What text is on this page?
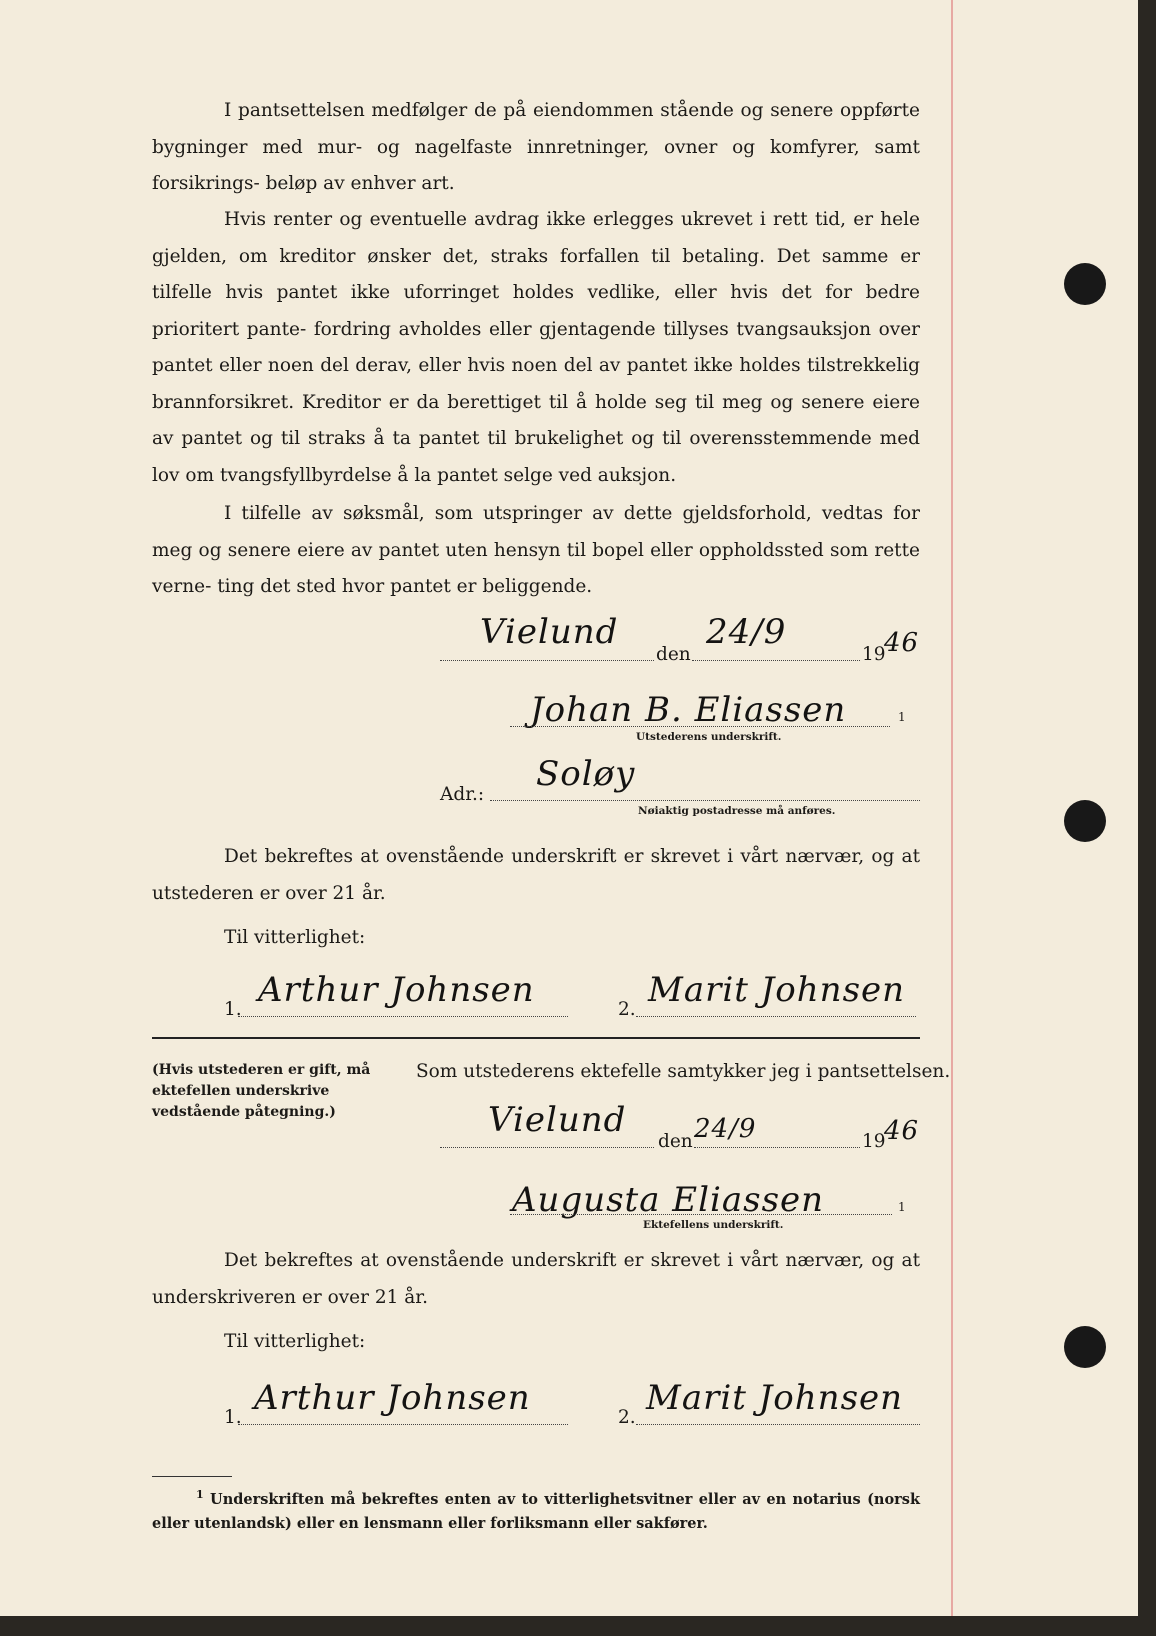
I pantsettelsen medfølger de på eiendommen stående og senere oppførte bygninger med mur- og nagelfaste innretninger, ovner og komfyrer, samt forsikrings- beløp av enhver art.

Hvis renter og eventuelle avdrag ikke erlegges ukrevet i rett tid, er hele gjelden, om kreditor ønsker det, straks forfallen til betaling. Det samme er tilfelle hvis pantet ikke uforringet holdes vedlike, eller hvis det for bedre prioritert pante- fordring avholdes eller gjentagende tillyses tvangsauksjon over pantet eller noen del derav, eller hvis noen del av pantet ikke holdes tilstrekkelig brannforsikret. Kreditor er da berettiget til å holde seg til meg og senere eiere av pantet og til straks å ta pantet til brukelighet og til overensstemmende med lov om tvangsfyllbyrdelse å la pantet selge ved auksjon.

I tilfelle av søksmål, som utspringer av dette gjeldsforhold, vedtas for meg og senere eiere av pantet uten hensyn til bopel eller oppholdssted som rette verne- ting det sted hvor pantet er beliggende.

Vielund
den
24/9
19
46
Johan B. Eliassen	1
Utstederens underskrift.
Adr.:
Soløy
Nøiaktig postadresse må anføres.

Det bekreftes at ovenstående underskrift er skrevet i vårt nærvær, og at utstederen er over 21 år.

Til vitterlighet:
1. Arthur Johnsen	2. Marit Johnsen

(Hvis utstederen er gift, må ektefellen underskrive vedstående påtegning.)

Som utstederens ektefelle samtykker jeg i pantsettelsen.
Vielund
den 24/9	19
46
Augusta Eliassen	1
Ektefellens underskrift.

Det bekreftes at ovenstående underskrift er skrevet i vårt nærvær, og at underskriveren er over 21 år.

Til vitterlighet:
1. Arthur Johnsen	2. Marit Johnsen

$^1$ Underskriften må bekreftes enten av to vitterlighetsvitner eller av en notarius (norsk eller utenlandsk) eller en lensmann eller forliksmann eller sakfører.
